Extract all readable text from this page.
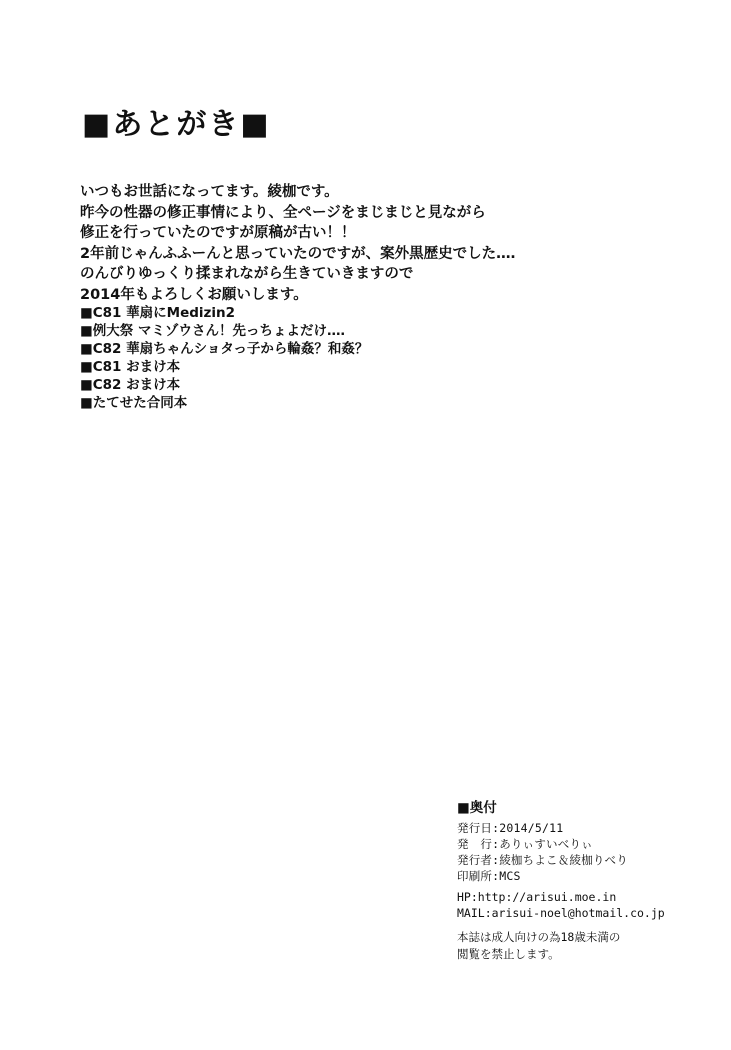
■あとがき■
いつもお世話になってます。綾枷です。
昨今の性器の修正事情により、全ページをまじまじと見ながら
修正を行っていたのですが原稿が古い！！
2年前じゃんふふーんと思っていたのですが、案外黒歴史でした‥‥
のんびりゆっくり揉まれながら生きていきますので
2014年もよろしくお願いします。
■C81 華扇にMedizin2
■例大祭 マミゾウさん！先っちょよだけ‥‥
■C82 華扇ちゃんショタっ子から輪姦？和姦？
■C81 おまけ本
■C82 おまけ本
■たてせた合同本
■奥付
発行日:2014/5/11
発　行:ありぃすいべりぃ
発行者:綾枷ちよこ＆綾枷りべり
印刷所:MCS
HP:http://arisui.moe.in
MAIL:arisui-noel@hotmail.co.jp
本誌は成人向けの為18歳未満の
閲覧を禁止します。
